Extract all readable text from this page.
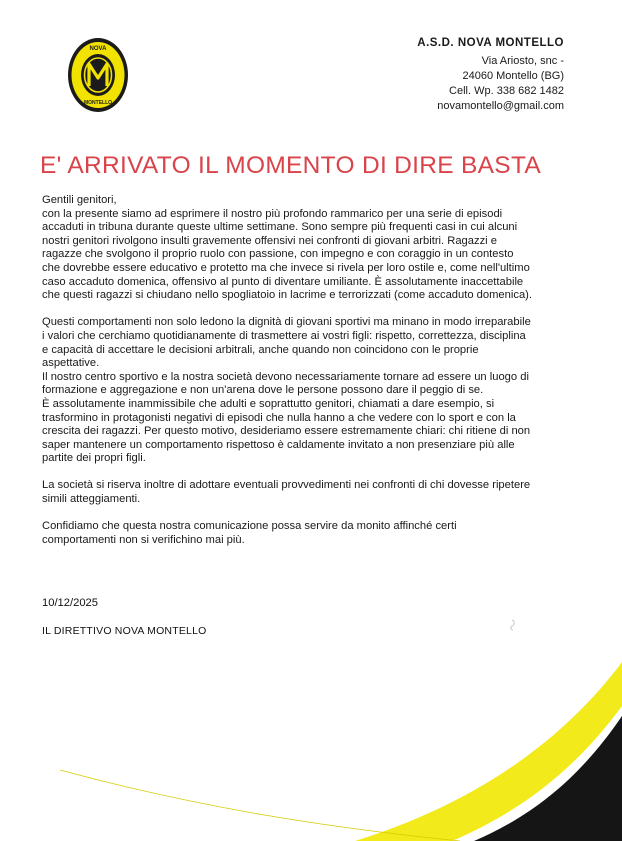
NOVA
MONTELLO
A.S.D. NOVA MONTELLO
Via Ariosto, snc -
24060 Montello (BG)
Cell. Wp. 338 682 1482
novamontello@gmail.com
E' ARRIVATO IL MOMENTO DI DIRE BASTA
Gentili genitori,
con la presente siamo ad esprimere il nostro più profondo rammarico per una serie di episodi
accaduti in tribuna durante queste ultime settimane. Sono sempre più frequenti casi in cui alcuni
nostri genitori rivolgono insulti gravemente offensivi nei confronti di giovani arbitri. Ragazzi e
ragazze che svolgono il proprio ruolo con passione, con impegno e con coraggio in un contesto
che dovrebbe essere educativo e protetto ma che invece si rivela per loro ostile e, come nell'ultimo
caso accaduto domenica, offensivo al punto di diventare umiliante. È assolutamente inaccettabile
che questi ragazzi si chiudano nello spogliatoio in lacrime e terrorizzati (come accaduto domenica).
Questi comportamenti non solo ledono la dignità di giovani sportivi ma minano in modo irreparabile
i valori che cerchiamo quotidianamente di trasmettere ai vostri figli: rispetto, correttezza, disciplina
e capacità di accettare le decisioni arbitrali, anche quando non coincidono con le proprie
aspettative.
Il nostro centro sportivo e la nostra società devono necessariamente tornare ad essere un luogo di
formazione e aggregazione e non un'arena dove le persone possono dare il peggio di se.
È assolutamente inammissibile che adulti e soprattutto genitori, chiamati a dare esempio, si
trasformino in protagonisti negativi di episodi che nulla hanno a che vedere con lo sport e con la
crescita dei ragazzi. Per questo motivo, desideriamo essere estremamente chiari: chi ritiene di non
saper mantenere un comportamento rispettoso è caldamente invitato a non presenziare più alle
partite dei propri figli.
La società si riserva inoltre di adottare eventuali provvedimenti nei confronti di chi dovesse ripetere
simili atteggiamenti.
Confidiamo che questa nostra comunicazione possa servire da monito affinché certi
comportamenti non si verifichino mai più.
10/12/2025
IL DIRETTIVO NOVA MONTELLO
